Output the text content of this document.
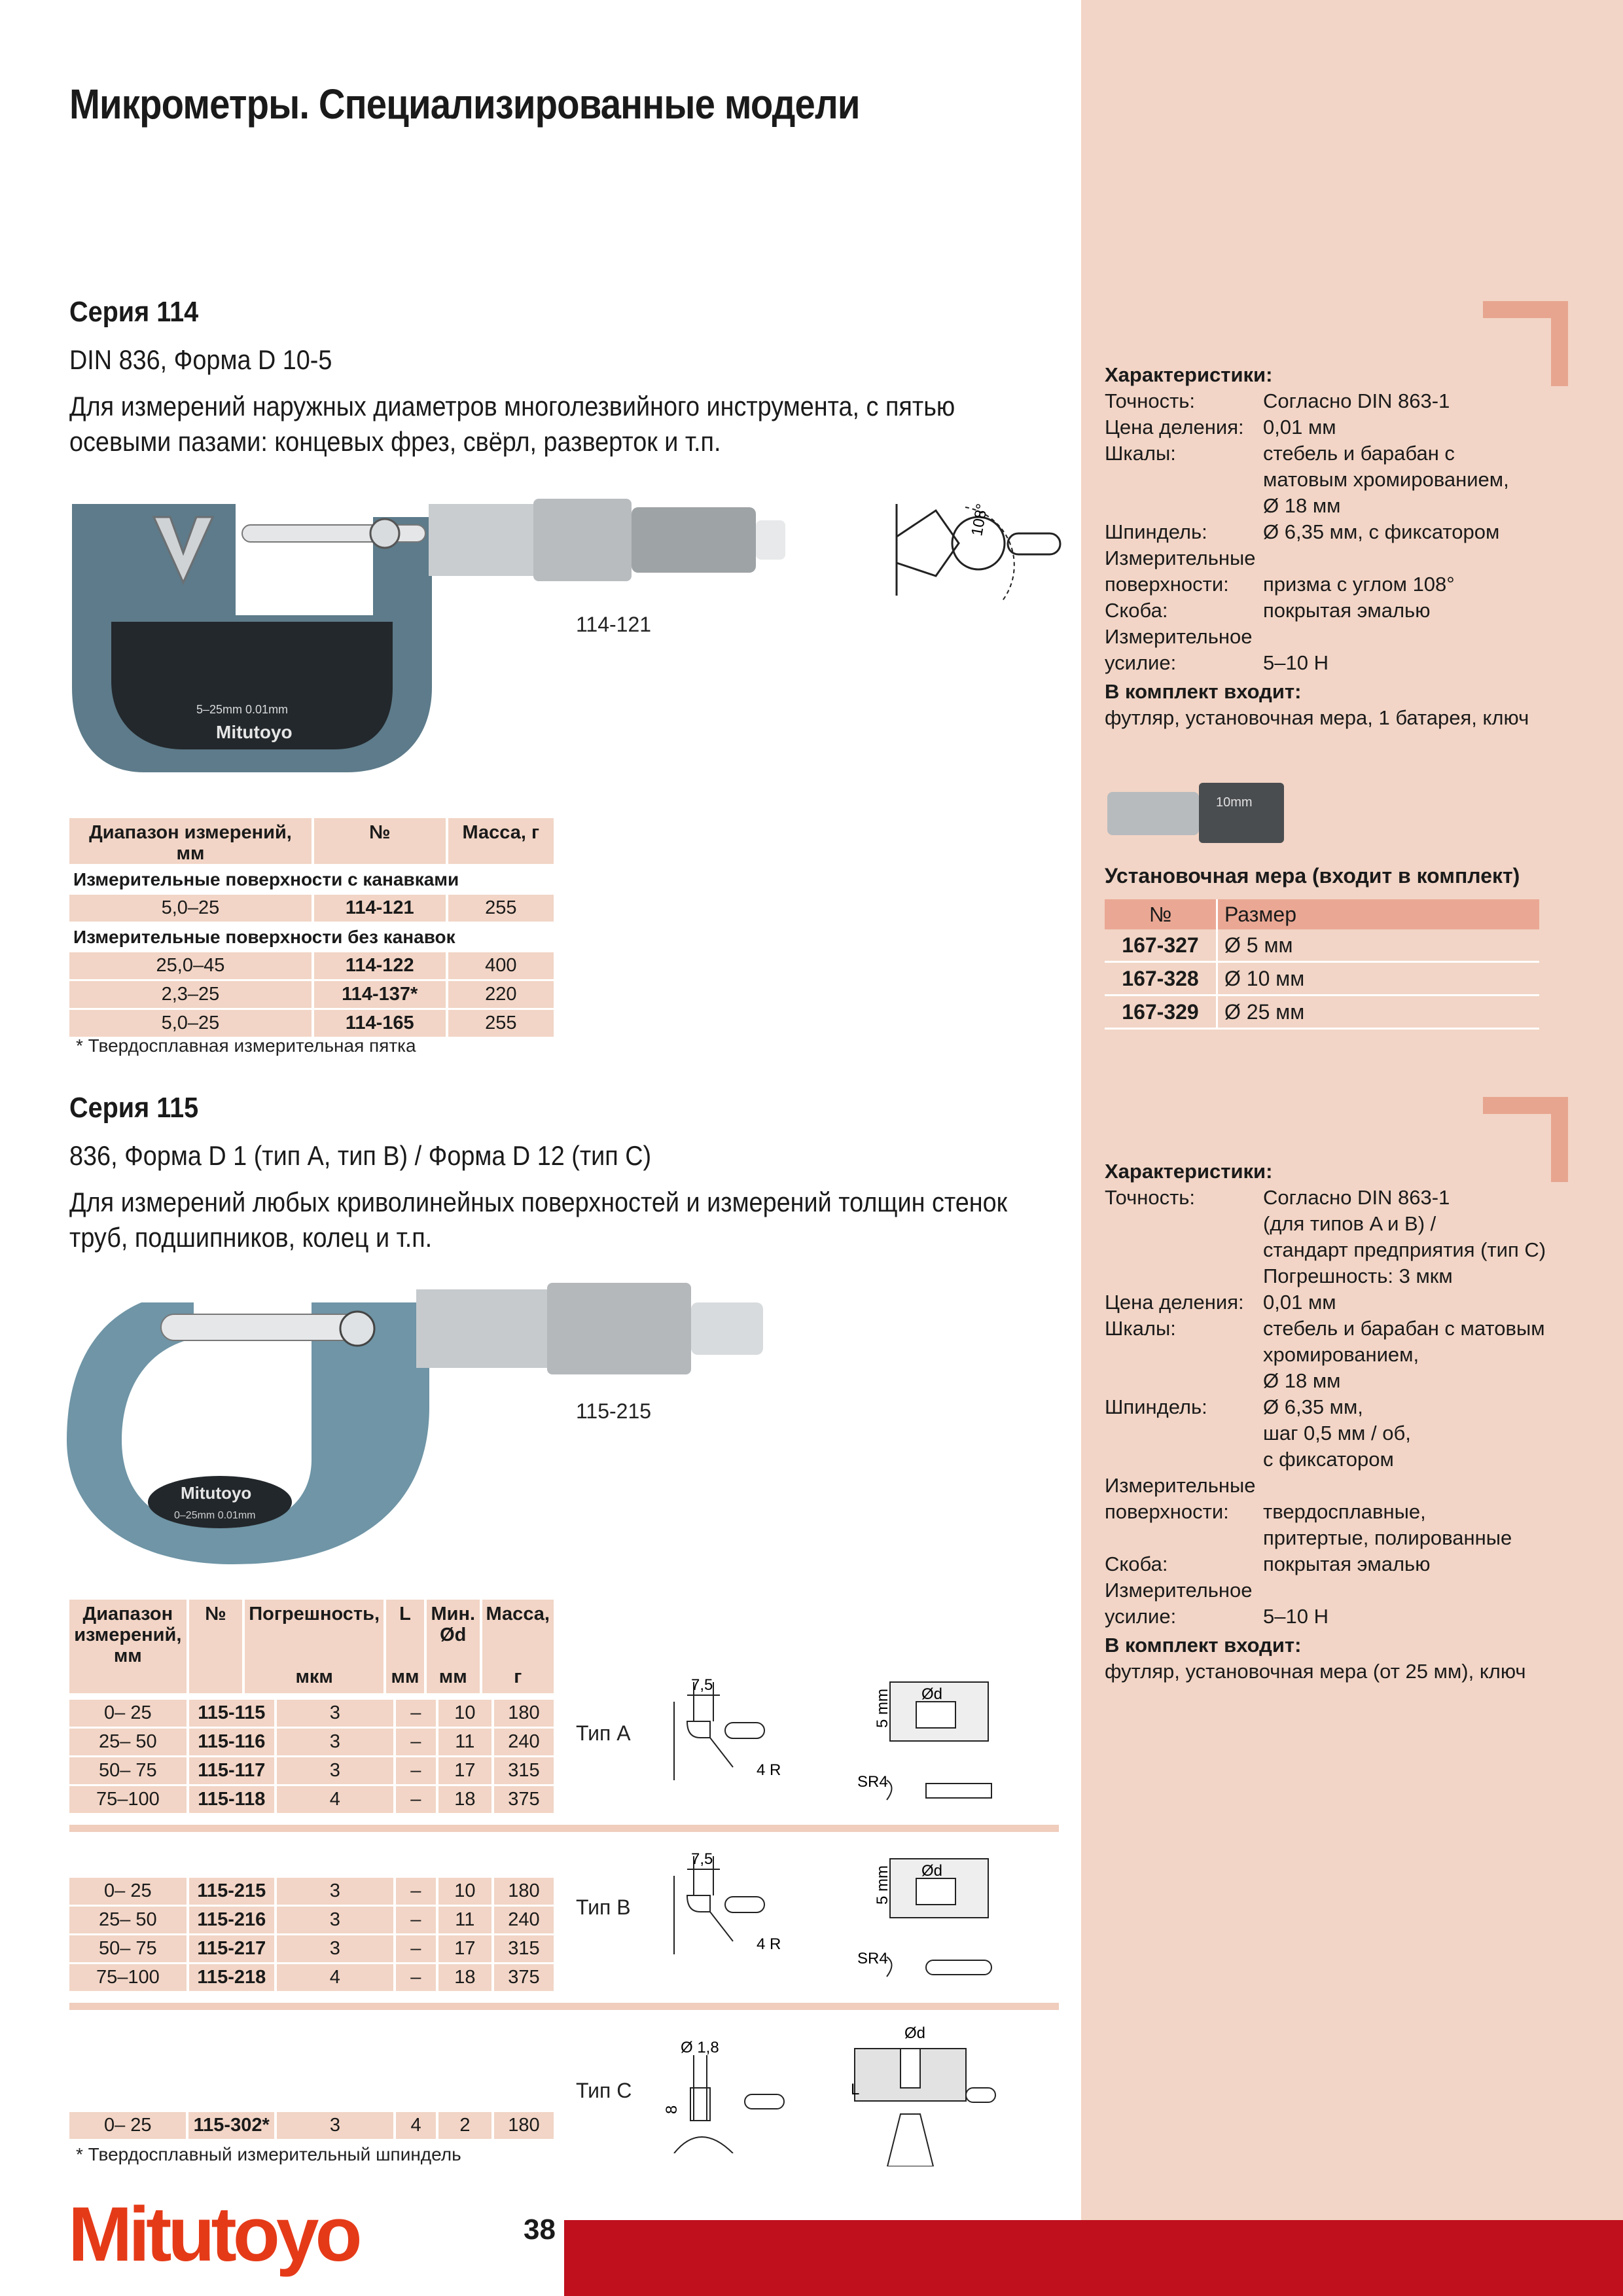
Микрометры. Специализированные модели
Серия 114
DIN 836, Форма D 10-5
Для измерений наружных диаметров многолезвийного инструмента, с пятью осевыми пазами: концевых фрез, свёрл, разверток и т.п.
5–25mm 0.01mm
Mitutoyo
114-121
108°
Диапазон измерений, мм	№	Масса, г
Измерительные поверхности с канавками		
5,0–25	114-121	255
Измерительные поверхности без канавок		
25,0–45	114-122	400
2,3–25	114-137*	220
5,0–25	114-165	255
* Твердосплавная измерительная пятка
Характеристики:
Точность:	Согласно DIN 863-1
Цена деления: 0,01 мм
Шкалы:	стебель и барабан с
матовым хромированием,
Ø 18 мм
Шпиндель:	Ø 6,35 мм, с фиксатором
Измерительные поверхности:	призма с углом 108°
Скоба:	покрытая эмалью
Измерительное усилие:	5–10 Н
В комплект входит:
футляр, установочная мера, 1 батарея, ключ
10mm
Установочная мера (входит в комплект)
№	Размер
167-327	Ø 5 мм
167-328	Ø 10 мм
167-329	Ø 25 мм
Серия 115
836, Форма D 1 (тип A, тип B) / Форма D 12 (тип C)
Для измерений любых криволинейных поверхностей и измерений толщин стенок труб, подшипников, колец и т.п.
Mitutoyo
0–25mm 0.01mm
115-215
Диапазон измерений, мм	№	Погрешность,	L	Мин. Ød	Масса,
		мкм	мм	мм	г
0– 25	115-115	3	–	10	180
25– 50	115-116	3	–	11	240
50– 75	115-117	3	–	17	315
75–100	115-118	4	–	18	375
0– 25	115-215	3	–	10	180
25– 50	115-216	3	–	11	240
50– 75	115-217	3	–	17	315
75–100	115-218	4	–	18	375
0– 25	115-302*	3	4	2	180
* Твердосплавный измерительный шпиндель
Тип A
Тип B
Тип C
7,5
4 R
Ød
5 mm
SR4
7,5
4 R
Ød
5 mm
SR4
Ø 1,8
8
Ød
L
Характеристики:
Точность:	Согласно DIN 863-1
(для типов A и B) /
стандарт предприятия (тип С)
Погрешность: 3 мкм
Цена деления: 0,01 мм
Шкалы:	стебель и барабан с матовым
хромированием,
Ø 18 мм
Шпиндель:	Ø 6,35 мм,
шаг 0,5 мм / об,
с фиксатором
Измерительные поверхности:	твердосплавные,
притертые, полированные
Скоба:	покрытая эмалью
Измерительное усилие:	5–10 Н
В комплект входит:
футляр, установочная мера (от 25 мм), ключ
Mitutoyo	38
